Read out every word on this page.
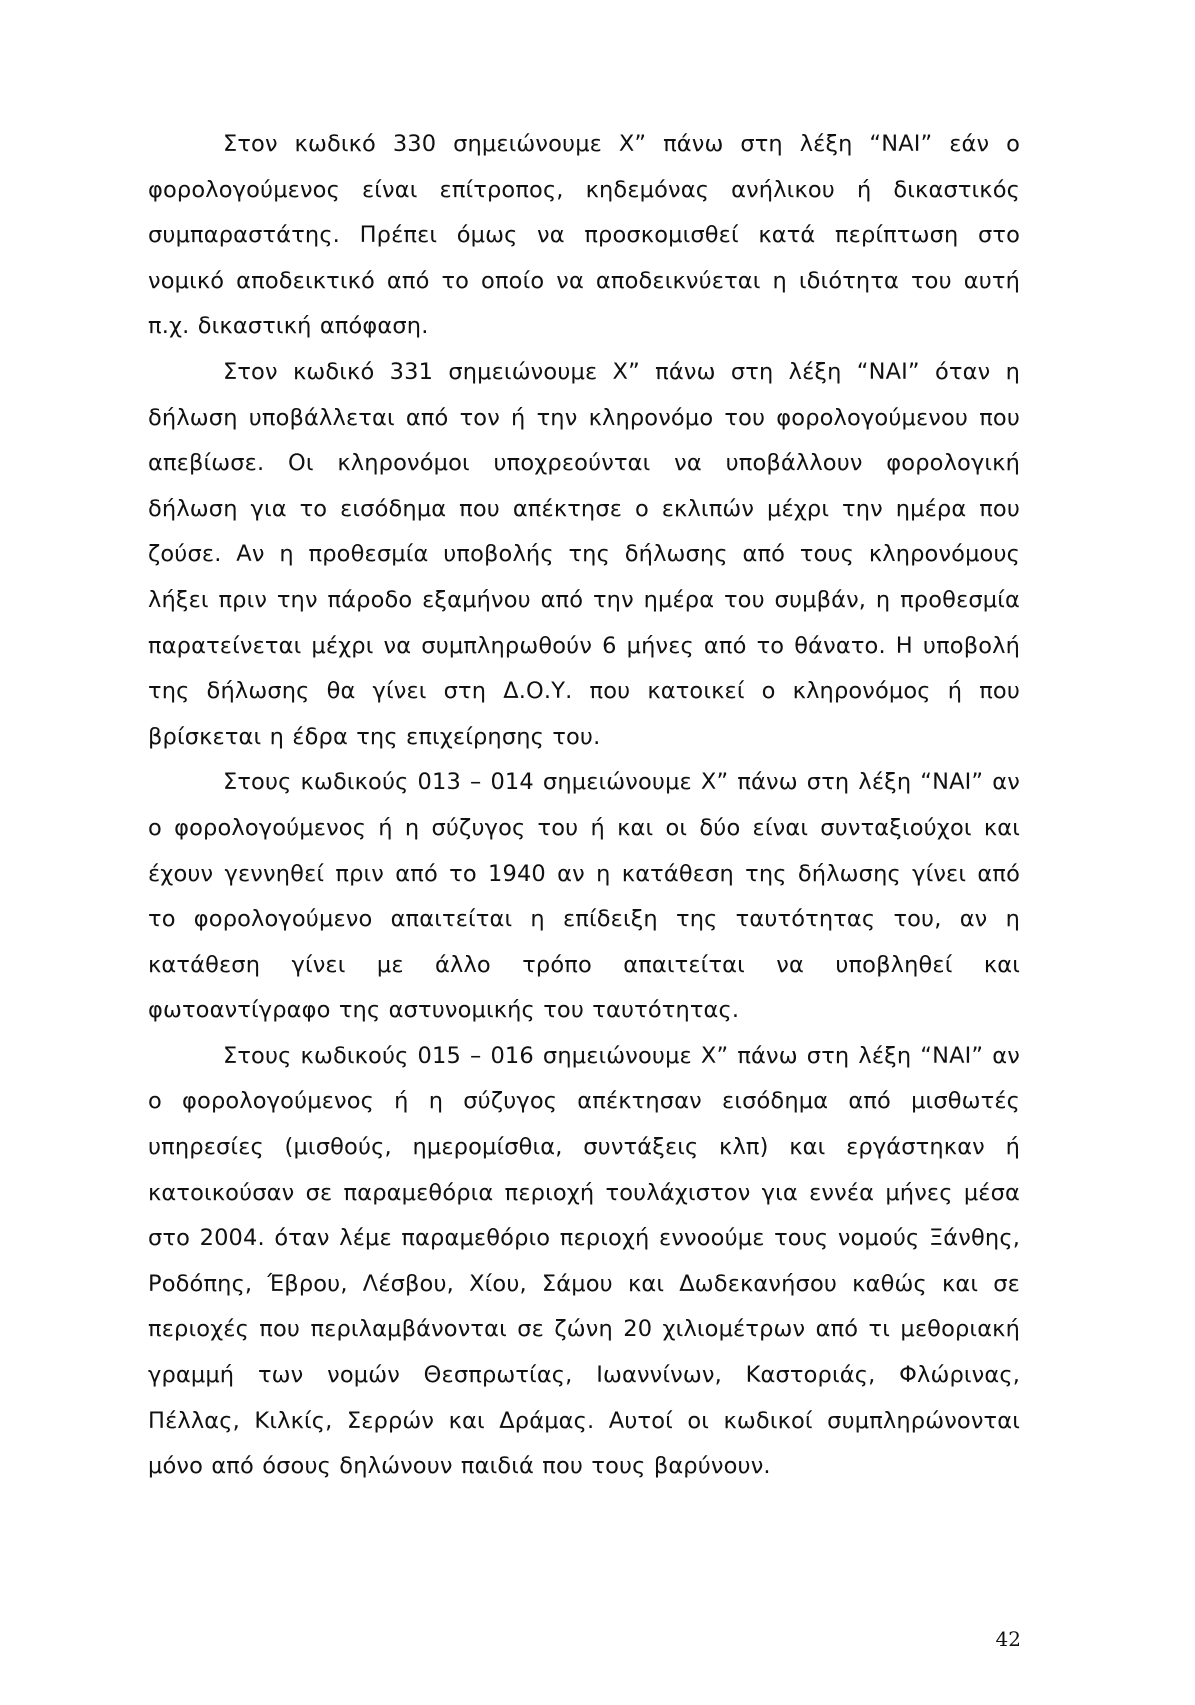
Στον κωδικό 330 σημειώνουμε Χ” πάνω στη λέξη “ΝΑΙ” εάν ο φορολογούμενος είναι επίτροπος, κηδεμόνας ανήλικου ή δικαστικός συμπαραστάτης. Πρέπει όμως να προσκομισθεί κατά περίπτωση στο νομικό αποδεικτικό από το οποίο να αποδεικνύεται η ιδιότητα του αυτή π.χ. δικαστική απόφαση.

Στον κωδικό 331 σημειώνουμε Χ” πάνω στη λέξη “ΝΑΙ” όταν η δήλωση υποβάλλεται από τον ή την κληρονόμο του φορολογούμενου που απεβίωσε. Οι κληρονόμοι υποχρεούνται να υποβάλλουν φορολογική δήλωση για το εισόδημα που απέκτησε ο εκλιπών μέχρι την ημέρα που ζούσε. Αν η προθεσμία υποβολής της δήλωσης από τους κληρονόμους λήξει πριν την πάροδο εξαμήνου από την ημέρα του συμβάν, η προθεσμία παρατείνεται μέχρι να συμπληρωθούν 6 μήνες από το θάνατο. Η υποβολή της δήλωσης θα γίνει στη Δ.Ο.Υ. που κατοικεί ο κληρονόμος ή που βρίσκεται η έδρα της επιχείρησης του.

Στους κωδικούς 013 – 014 σημειώνουμε Χ” πάνω στη λέξη “ΝΑΙ” αν ο φορολογούμενος ή η σύζυγος του ή και οι δύο είναι συνταξιούχοι και έχουν γεννηθεί πριν από το 1940 αν η κατάθεση της δήλωσης γίνει από το φορολογούμενο απαιτείται η επίδειξη της ταυτότητας του, αν η κατάθεση γίνει με άλλο τρόπο απαιτείται να υποβληθεί και φωτοαντίγραφο της αστυνομικής του ταυτότητας.

Στους κωδικούς 015 – 016 σημειώνουμε Χ” πάνω στη λέξη “ΝΑΙ” αν ο φορολογούμενος ή η σύζυγος απέκτησαν εισόδημα από μισθωτές υπηρεσίες (μισθούς, ημερομίσθια, συντάξεις κλπ) και εργάστηκαν ή κατοικούσαν σε παραμεθόρια περιοχή τουλάχιστον για εννέα μήνες μέσα στο 2004. όταν λέμε παραμεθόριο περιοχή εννοούμε τους νομούς Ξάνθης, Ροδόπης, Έβρου, Λέσβου, Χίου, Σάμου και Δωδεκανήσου καθώς και σε περιοχές που περιλαμβάνονται σε ζώνη 20 χιλιομέτρων από τι μεθοριακή γραμμή των νομών Θεσπρωτίας, Ιωαννίνων, Καστοριάς, Φλώρινας, Πέλλας, Κιλκίς, Σερρών και Δράμας. Αυτοί οι κωδικοί συμπληρώνονται μόνο από όσους δηλώνουν παιδιά που τους βαρύνουν.

42
